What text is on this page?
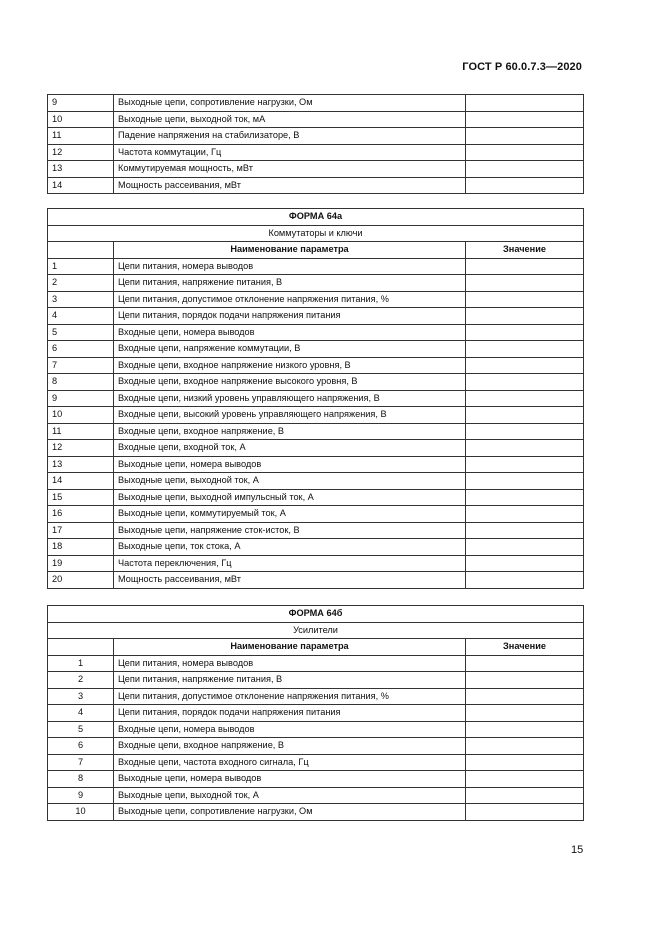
ГОСТ Р 60.0.7.3—2020
9	Выходные цепи, сопротивление нагрузки, Ом	
10	Выходные цепи, выходной ток, мА	
11	Падение напряжения на стабилизаторе, В	
12	Частота коммутации, Гц	
13	Коммутируемая мощность, мВт	
14	Мощность рассеивания, мВт	
ФОРМА 64а		
Коммутаторы и ключи		
	Наименование параметра	Значение
1	Цепи питания, номера выводов	
2	Цепи питания, напряжение питания, В	
3	Цепи питания, допустимое отклонение напряжения питания, %	
4	Цепи питания, порядок подачи напряжения питания	
5	Входные цепи, номера выводов	
6	Входные цепи, напряжение коммутации, В	
7	Входные цепи, входное напряжение низкого уровня, В	
8	Входные цепи, входное напряжение высокого уровня, В	
9	Входные цепи, низкий уровень управляющего напряжения, В	
10	Входные цепи, высокий уровень управляющего напряжения, В	
11	Входные цепи, входное напряжение, В	
12	Входные цепи, входной ток, А	
13	Выходные цепи, номера выводов	
14	Выходные цепи, выходной ток, А	
15	Выходные цепи, выходной импульсный ток, А	
16	Выходные цепи, коммутируемый ток, А	
17	Выходные цепи, напряжение сток-исток, В	
18	Выходные цепи, ток стока, А	
19	Частота переключения, Гц	
20	Мощность рассеивания, мВт	
ФОРМА 64б		
Усилители		
	Наименование параметра	Значение
1	Цепи питания, номера выводов	
2	Цепи питания, напряжение питания, В	
3	Цепи питания, допустимое отклонение напряжения питания, %	
4	Цепи питания, порядок подачи напряжения питания	
5	Входные цепи, номера выводов	
6	Входные цепи, входное напряжение, В	
7	Входные цепи, частота входного сигнала, Гц	
8	Выходные цепи, номера выводов	
9	Выходные цепи, выходной ток, А	
10	Выходные цепи, сопротивление нагрузки, Ом	
15
